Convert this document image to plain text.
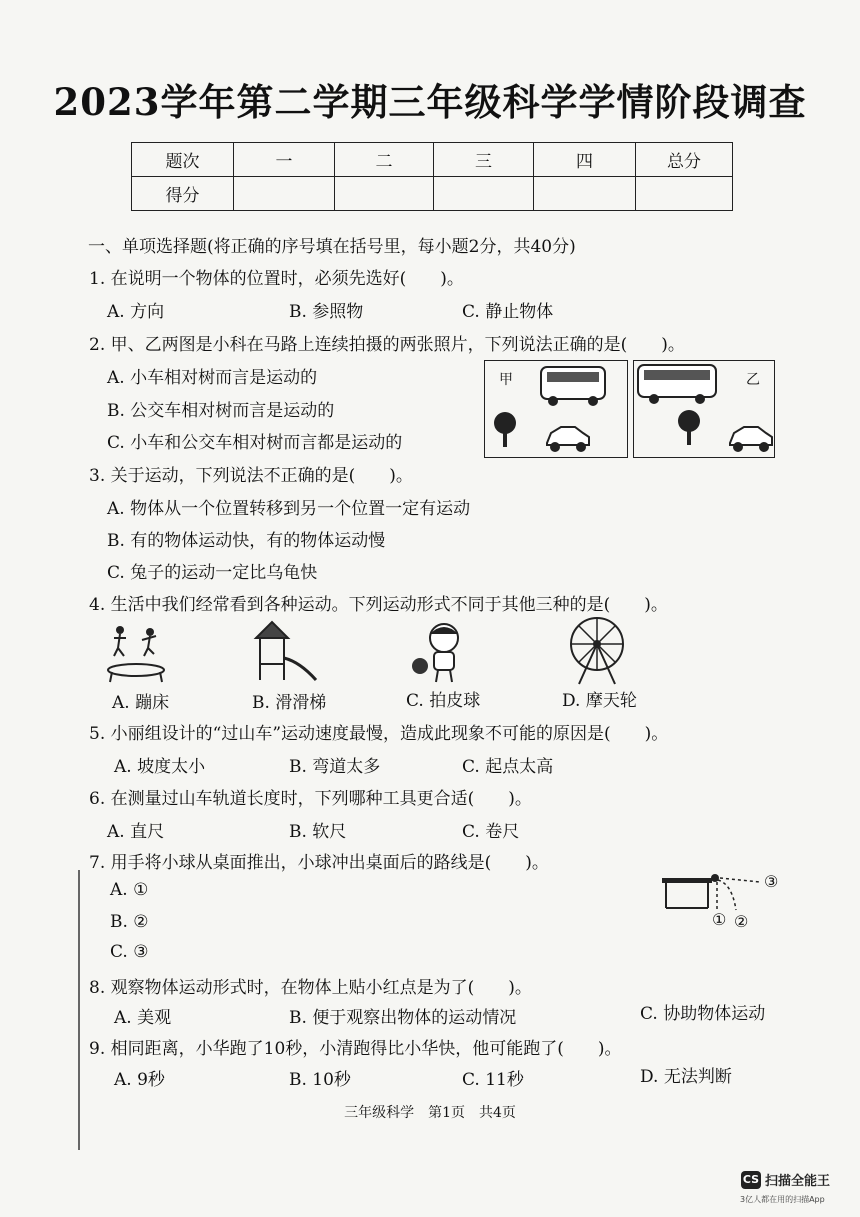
2023学年第二学期三年级科学学情阶段调查
题次	一	二	三	四	总分
得分					
一、单项选择题(将正确的序号填在括号里，每小题2分，共40分)
1. 在说明一个物体的位置时，必须先选好(　　)。
A. 方向	B. 参照物	C. 静止物体
2. 甲、乙两图是小科在马路上连续拍摄的两张照片，下列说法正确的是(　　)。
A. 小车相对树而言是运动的
B. 公交车相对树而言是运动的
C. 小车和公交车相对树而言都是运动的
甲	乙
3. 关于运动，下列说法不正确的是(　　)。
A. 物体从一个位置转移到另一个位置一定有运动
B. 有的物体运动快，有的物体运动慢
C. 兔子的运动一定比乌龟快
4. 生活中我们经常看到各种运动。下列运动形式不同于其他三种的是(　　)。
A. 蹦床	B. 滑滑梯	C. 拍皮球	D. 摩天轮
5. 小丽组设计的“过山车”运动速度最慢，造成此现象不可能的原因是(　　)。
A. 坡度太小	B. 弯道太多	C. 起点太高
6. 在测量过山车轨道长度时，下列哪种工具更合适(　　)。
A. 直尺	B. 软尺	C. 卷尺
7. 用手将小球从桌面推出，小球冲出桌面后的路线是(　　)。
A. ①
B. ②
C. ③
① ②
③
8. 观察物体运动形式时，在物体上贴小红点是为了(　　)。
A. 美观	B. 便于观察出物体的运动情况	C. 协助物体运动
9. 相同距离，小华跑了10秒，小清跑得比小华快，他可能跑了(　　)。
A. 9秒	B. 10秒	C. 11秒	D. 无法判断
三年级科学　第1页　共4页
CS 扫描全能王
3亿人都在用的扫描App
